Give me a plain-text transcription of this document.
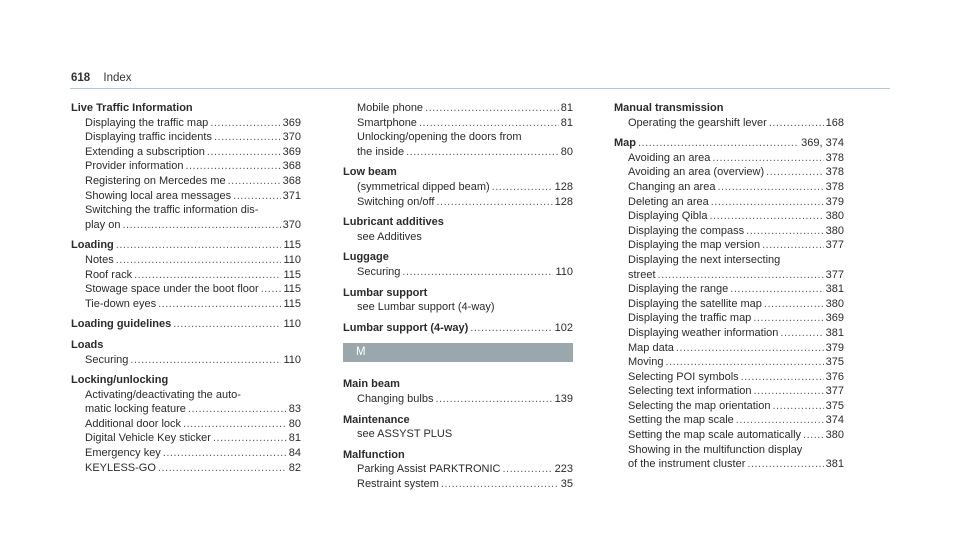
618 Index
Live Traffic Information
Displaying the traffic map .....	369
Displaying traffic incidents .....	370
Extending a subscription .....	369
Provider information .....	368
Registering on Mercedes me .....	368
Showing local area messages .....	371
Switching the traffic information dis-
play on .....	370
Loading .....	115
Notes .....	110
Roof rack .....	115
Stowage space under the boot floor ..... 115
Tie-down eyes .....	115
Loading guidelines .....	110
Loads
Securing .....	110
Locking/unlocking
Activating/deactivating the auto-
matic locking feature .....	83
Additional door lock .....	80
Digital Vehicle Key sticker .....	81
Emergency key .....	84
KEYLESS-GO .....	82
Mobile phone .....	81
Smartphone .....	81
Unlocking/opening the doors from
the inside .....	80
Low beam
(symmetrical dipped beam) .....	128
Switching on/off .....	128
Lubricant additives
see Additives
Luggage
Securing .....	110
Lumbar support
see Lumbar support (4-way)
Lumbar support (4-way) .....	102
M
Main beam
Changing bulbs .....	139
Maintenance
see ASSYST PLUS
Malfunction
Parking Assist PARKTRONIC .....	223
Restraint system .....	35
Manual transmission
Operating the gearshift lever .....	168
Map .....	369, 374
Avoiding an area .....	378
Avoiding an area (overview) .....	378
Changing an area .....	378
Deleting an area .....	379
Displaying Qibla .....	380
Displaying the compass .....	380
Displaying the map version .....	377
Displaying the next intersecting
street .....	377
Displaying the range .....	381
Displaying the satellite map .....	380
Displaying the traffic map .....	369
Displaying weather information .....	381
Map data .....	379
Moving .....	375
Selecting POI symbols .....	376
Selecting text information .....	377
Selecting the map orientation .....	375
Setting the map scale .....	374
Setting the map scale automatically ..... 380
Showing in the multifunction display
of the instrument cluster .....	381
